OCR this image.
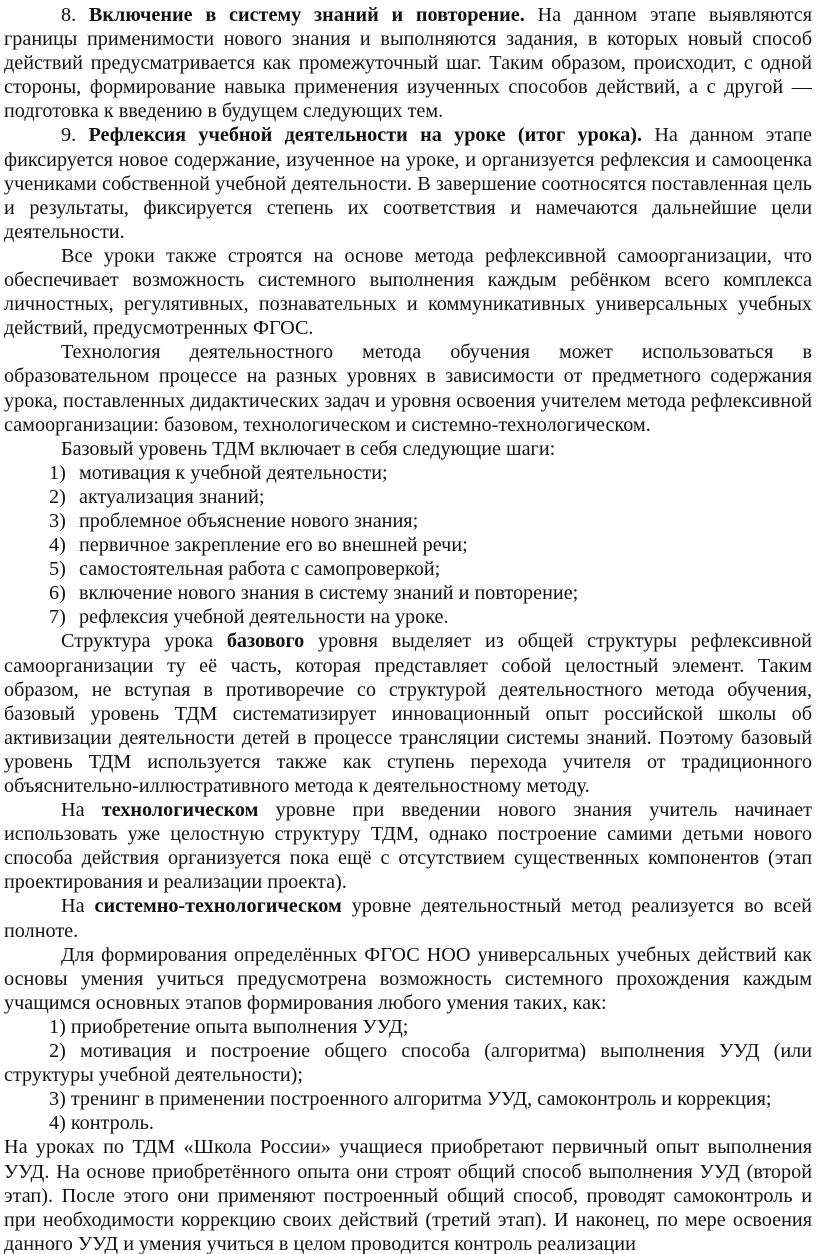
8. Включение в систему знаний и повторение. На данном этапе выявляются границы применимости нового знания и выполняются задания, в которых новый способ действий предусматривается как промежуточный шаг. Таким образом, происходит, с одной стороны, формирование навыка применения изученных способов действий, а с другой — подготовка к введению в будущем следующих тем.

9. Рефлексия учебной деятельности на уроке (итог урока). На данном этапе фиксируется новое содержание, изученное на уроке, и организуется рефлексия и самооценка учениками собственной учебной деятельности. В завершение соотносятся поставленная цель и результаты, фиксируется степень их соответствия и намечаются дальнейшие цели деятельности.

Все уроки также строятся на основе метода рефлексивной самоорганизации, что обеспечивает возможность системного выполнения каждым ребёнком всего комплекса личностных, регулятивных, познавательных и коммуникативных универсальных учебных действий, предусмотренных ФГОС.

Технология деятельностного метода обучения может использоваться в образовательном процессе на разных уровнях в зависимости от предметного содержания урока, поставленных дидактических задач и уровня освоения учителем метода рефлексивной самоорганизации: базовом, технологическом и системно-технологическом.

Базовый уровень ТДМ включает в себя следующие шаги:

1) мотивация к учебной деятельности;

2) актуализация знаний;

3) проблемное объяснение нового знания;

4) первичное закрепление его во внешней речи;

5) самостоятельная работа с самопроверкой;

6) включение нового знания в систему знаний и повторение;

7) рефлексия учебной деятельности на уроке.

Структура урока базового уровня выделяет из общей структуры рефлексивной самоорганизации ту её часть, которая представляет собой целостный элемент. Таким образом, не вступая в противоречие со структурой деятельностного метода обучения, базовый уровень ТДМ систематизирует инновационный опыт российской школы об активизации деятельности детей в процессе трансляции системы знаний. Поэтому базовый уровень ТДМ используется также как ступень перехода учителя от традиционного объяснительно-иллюстративного метода к деятельностному методу.

На технологическом уровне при введении нового знания учитель начинает использовать уже целостную структуру ТДМ, однако построение самими детьми нового способа действия организуется пока ещё с отсутствием существенных компонентов (этап проектирования и реализации проекта).

На системно-технологическом уровне деятельностный метод реализуется во всей полноте.

Для формирования определённых ФГОС НОО универсальных учебных действий как основы умения учиться предусмотрена возможность системного прохождения каждым учащимся основных этапов формирования любого умения таких, как:

1) приобретение опыта выполнения УУД;

2) мотивация и построение общего способа (алгоритма) выполнения УУД (или структуры учебной деятельности);

3) тренинг в применении построенного алгоритма УУД, самоконтроль и коррекция;

4) контроль.

На уроках по ТДМ «Школа России» учащиеся приобретают первичный опыт выполнения УУД. На основе приобретённого опыта они строят общий способ выполнения УУД (второй этап). После этого они применяют построенный общий способ, проводят самоконтроль и при необходимости коррекцию своих действий (третий этап). И наконец, по мере освоения данного УУД и умения учиться в целом проводится контроль реализации
